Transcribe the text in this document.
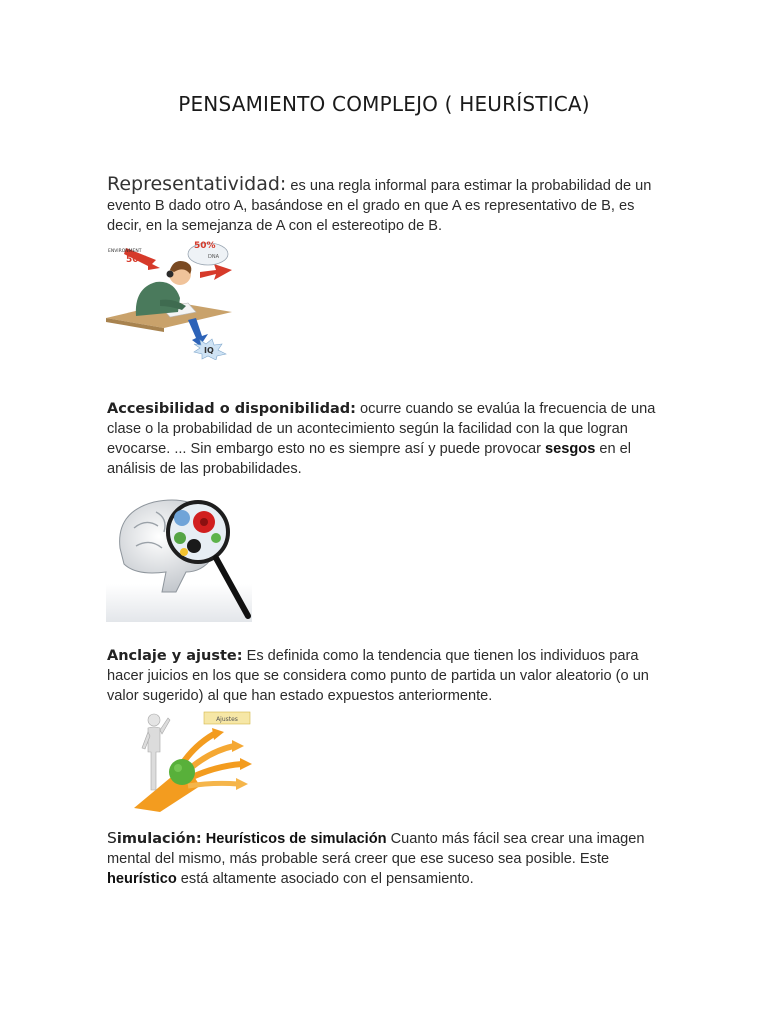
PENSAMIENTO COMPLEJO ( HEURÍSTICA)
Representatividad: es una regla informal para estimar la probabilidad de un evento B dado otro A, basándose en el grado en que A es representativo de B, es decir, en la semejanza de A con el estereotipo de B.
ENVIRONMENT
50%
50%
DNA
IQ
Accesibilidad o disponibilidad: ocurre cuando se evalúa la frecuencia de una clase o la probabilidad de un acontecimiento según la facilidad con la que logran evocarse. ... Sin embargo esto no es siempre así y puede provocar sesgos en el análisis de las probabilidades.
Anclaje y ajuste: Es definida como la tendencia que tienen los individuos para hacer juicios en los que se considera como punto de partida un valor aleatorio (o un valor sugerido) al que han estado expuestos anteriormente.
Ajustes
Simulación: Heurísticos de simulación Cuanto más fácil sea crear una imagen mental del mismo, más probable será creer que ese suceso sea posible. Este heurístico está altamente asociado con el pensamiento.
